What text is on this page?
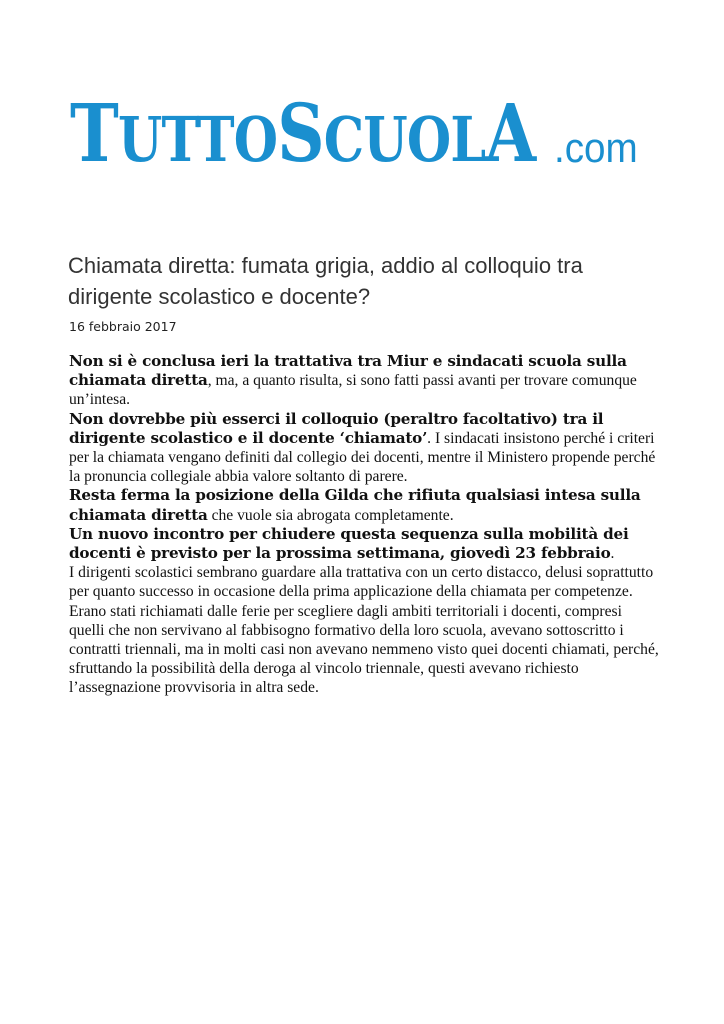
TUTTOSCUOLA .com
Chiamata diretta: fumata grigia, addio al colloquio tra dirigente scolastico e docente?
16 febbraio 2017

Non si è conclusa ieri la trattativa tra Miur e sindacati scuola sulla chiamata diretta, ma, a quanto risulta, si sono fatti passi avanti per trovare comunque un’intesa.

Non dovrebbe più esserci il colloquio (peraltro facoltativo) tra il dirigente scolastico e il docente ‘chiamato’. I sindacati insistono perché i criteri per la chiamata vengano definiti dal collegio dei docenti, mentre il Ministero propende perché la pronuncia collegiale abbia valore soltanto di parere.

Resta ferma la posizione della Gilda che rifiuta qualsiasi intesa sulla chiamata diretta che vuole sia abrogata completamente.

Un nuovo incontro per chiudere questa sequenza sulla mobilità dei docenti è previsto per la prossima settimana, giovedì 23 febbraio.

I dirigenti scolastici sembrano guardare alla trattativa con un certo distacco, delusi soprattutto per quanto successo in occasione della prima applicazione della chiamata per competenze.

Erano stati richiamati dalle ferie per scegliere dagli ambiti territoriali i docenti, compresi quelli che non servivano al fabbisogno formativo della loro scuola, avevano sottoscritto i contratti triennali, ma in molti casi non avevano nemmeno visto quei docenti chiamati, perché, sfruttando la possibilità della deroga al vincolo triennale, questi avevano richiesto l’assegnazione provvisoria in altra sede.
